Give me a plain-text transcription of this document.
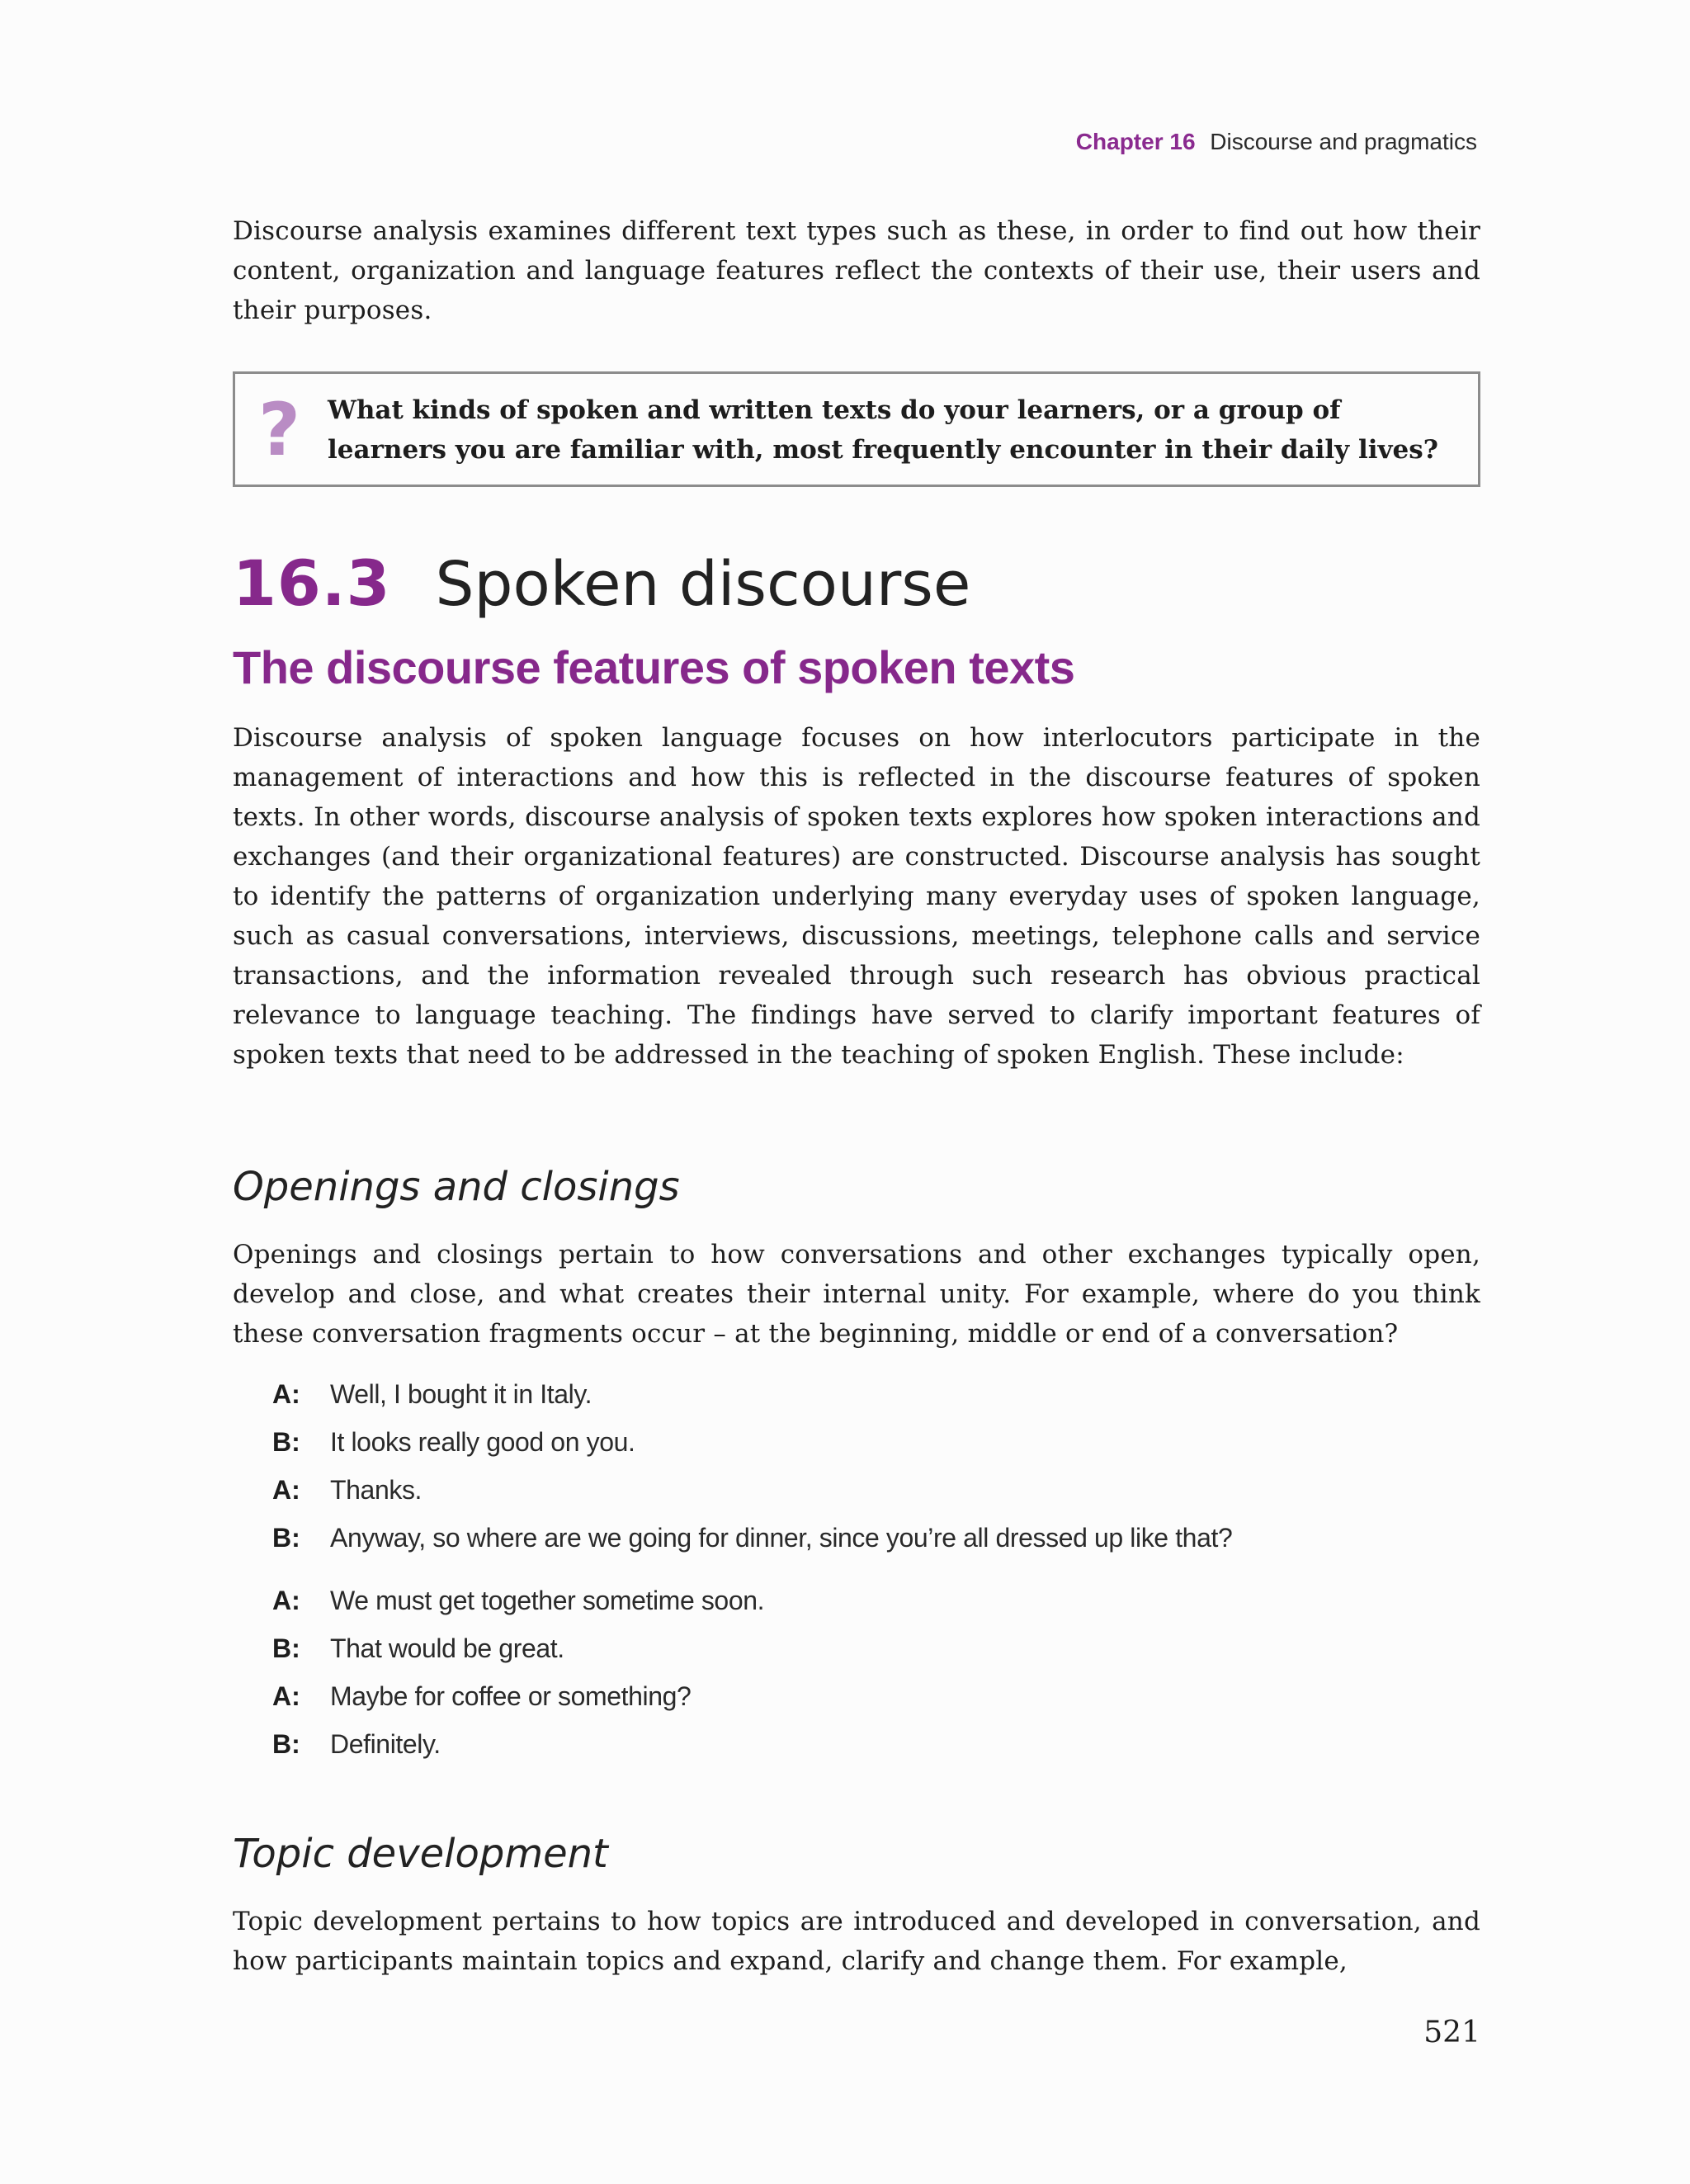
Chapter 16 Discourse and pragmatics

Discourse analysis examines different text types such as these, in order to find out how their content, organization and language features reflect the contexts of their use, their users and their purposes.

? What kinds of spoken and written texts do your learners, or a group of learners you are familiar with, most frequently encounter in their daily lives?
16.3 Spoken discourse
The discourse features of spoken texts

Discourse analysis of spoken language focuses on how interlocutors participate in the management of interactions and how this is reflected in the discourse features of spoken texts. In other words, discourse analysis of spoken texts explores how spoken interactions and exchanges (and their organizational features) are constructed. Discourse analysis has sought to identify the patterns of organization underlying many everyday uses of spoken language, such as casual conversations, interviews, discussions, meetings, telephone calls and service transactions, and the information revealed through such research has obvious practical relevance to language teaching. The findings have served to clarify important features of spoken texts that need to be addressed in the teaching of spoken English. These include:

Openings and closings

Openings and closings pertain to how conversations and other exchanges typically open, develop and close, and what creates their internal unity. For example, where do you think these conversation fragments occur – at the beginning, middle or end of a conversation?

A: Well, I bought it in Italy.
B: It looks really good on you.
A: Thanks.
B: Anyway, so where are we going for dinner, since you’re all dressed up like that?
A: We must get together sometime soon.
B: That would be great.
A: Maybe for coffee or something?
B: Definitely.
Topic development

Topic development pertains to how topics are introduced and developed in conversation, and how participants maintain topics and expand, clarify and change them. For example,

521
